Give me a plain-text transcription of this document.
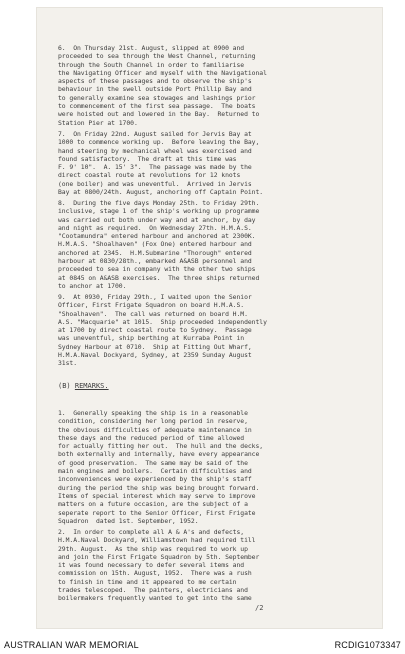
6.  On Thursday 21st. August, slipped at 0900 and
proceeded to sea through the West Channel, returning
through the South Channel in order to familiarise
the Navigating Officer and myself with the Navigational
aspects of these passages and to observe the ship's
behaviour in the swell outside Port Phillip Bay and
to generally examine sea stowages and lashings prior
to commencement of the first sea passage.  The boats
were hoisted out and lowered in the Bay.  Returned to
Station Pier at 1700.
7.  On Friday 22nd. August sailed for Jervis Bay at
1000 to commence working up.  Before leaving the Bay,
hand steering by mechanical wheel was exercised and
found satisfactory.  The draft at this time was
F. 9' 10".  A. 15' 3".  The passage was made by the
direct coastal route at revolutions for 12 knots
(one boiler) and was uneventful.  Arrived in Jervis
Bay at 0800/24th. August, anchoring off Captain Point.
8.  During the five days Monday 25th. to Friday 29th.
inclusive, stage 1 of the ship's working up programme
was carried out both under way and at anchor, by day
and night as required.  On Wednesday 27th. H.M.A.S.
"Cootamundra" entered harbour and anchored at 2300K.
H.M.A.S. "Shoalhaven" (Fox One) entered harbour and
anchored at 2345.  H.M.Submarine "Thorough" entered
harbour at 0830/28th., embarked A&ASB personnel and
proceeded to sea in company with the other two ships
at 0845 on A&ASB exercises.  The three ships returned
to anchor at 1700.
9.  At 0930, Friday 29th., I waited upon the Senior
Officer, First Frigate Squadron on board H.M.A.S.
"Shoalhaven".  The call was returned on board H.M.
A.S. "Macquarie" at 1015.  Ship proceeded independently
at 1700 by direct coastal route to Sydney.  Passage
was uneventful, ship berthing at Kurraba Point in
Sydney Harbour at 0710.  Ship at Fitting Out Wharf,
H.M.A.Naval Dockyard, Sydney, at 2359 Sunday August
31st.
(B) REMARKS.
1.  Generally speaking the ship is in a reasonable
condition, considering her long period in reserve,
the obvious difficulties of adequate maintenance in
these days and the reduced period of time allowed
for actually fitting her out.  The hull and the decks,
both externally and internally, have every appearance
of good preservation.  The same may be said of the
main engines and boilers.  Certain difficulties and
inconveniences were experienced by the ship's staff
during the period the ship was being brought forward.
Items of special interest which may serve to improve
matters on a future occasion, are the subject of a
seperate report to the Senior Officer, First Frigate
Squadron  dated 1st. September, 1952.
2.  In order to complete all A & A's and defects,
H.M.A.Naval Dockyard, Williamstown had required till
29th. August.  As the ship was required to work up
and join the First Frigate Squadron by 5th. September
it was found necessary to defer several items and
commission on 15th. August, 1952.  There was a rush
to finish in time and it appeared to me certain
trades telescoped.  The painters, electricians and
boilermakers frequently wanted to get into the same
/2
AUSTRALIAN WAR MEMORIAL	RCDIG1073347
